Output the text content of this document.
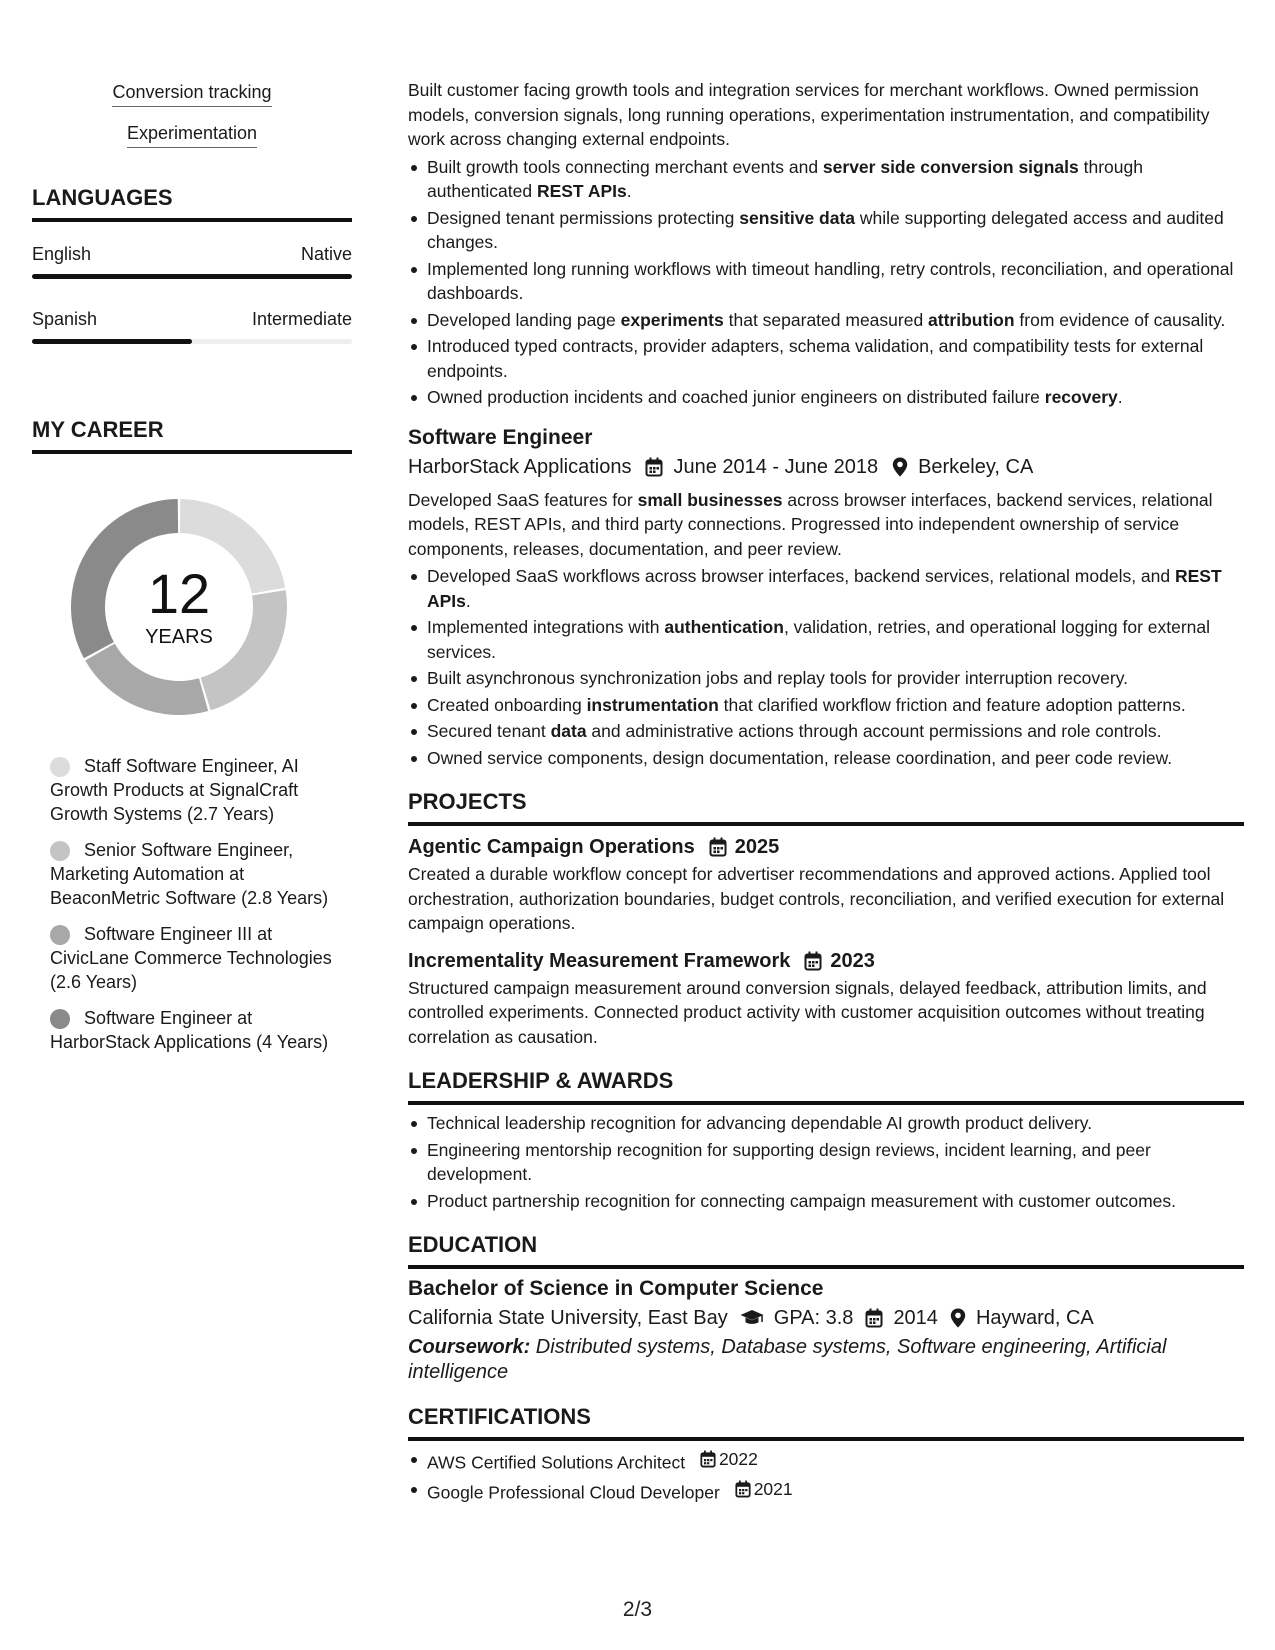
Conversion tracking
Experimentation
LANGUAGES
English	Native
Spanish	Intermediate
MY CAREER
12
YEARS
Staff Software Engineer, AI Growth Products at SignalCraft Growth Systems (2.7 Years)
Senior Software Engineer, Marketing Automation at BeaconMetric Software (2.8 Years)
Software Engineer III at CivicLane Commerce Technologies (2.6 Years)
Software Engineer at HarborStack Applications (4 Years)

Built customer facing growth tools and integration services for merchant workflows. Owned permission models, conversion signals, long running operations, experimentation instrumentation, and compatibility work across changing external endpoints.

Built growth tools connecting merchant events and server side conversion signals through authenticated REST APIs.
Designed tenant permissions protecting sensitive data while supporting delegated access and audited changes.
Implemented long running workflows with timeout handling, retry controls, reconciliation, and operational dashboards.
Developed landing page experiments that separated measured attribution from evidence of causality.
Introduced typed contracts, provider adapters, schema validation, and compatibility tests for external endpoints.
Owned production incidents and coached junior engineers on distributed failure recovery.
Software Engineer
HarborStack Applications June 2014 - June 2018 Berkeley, CA

Developed SaaS features for small businesses across browser interfaces, backend services, relational models, REST APIs, and third party connections. Progressed into independent ownership of service components, releases, documentation, and peer review.

Developed SaaS workflows across browser interfaces, backend services, relational models, and REST APIs.
Implemented integrations with authentication, validation, retries, and operational logging for external services.
Built asynchronous synchronization jobs and replay tools for provider interruption recovery.
Created onboarding instrumentation that clarified workflow friction and feature adoption patterns.
Secured tenant data and administrative actions through account permissions and role controls.
Owned service components, design documentation, release coordination, and peer code review.
PROJECTS
Agentic Campaign Operations 2025

Created a durable workflow concept for advertiser recommendations and approved actions. Applied tool orchestration, authorization boundaries, budget controls, reconciliation, and verified execution for external campaign operations.

Incrementality Measurement Framework 2023

Structured campaign measurement around conversion signals, delayed feedback, attribution limits, and controlled experiments. Connected product activity with customer acquisition outcomes without treating correlation as causation.

LEADERSHIP & AWARDS
Technical leadership recognition for advancing dependable AI growth product delivery.
Engineering mentorship recognition for supporting design reviews, incident learning, and peer development.
Product partnership recognition for connecting campaign measurement with customer outcomes.
EDUCATION
Bachelor of Science in Computer Science
California State University, East Bay GPA: 3.8 2014 Hayward, CA
Coursework: Distributed systems, Database systems, Software engineering, Artificial intelligence
CERTIFICATIONS
AWS Certified Solutions Architect 2022
Google Professional Cloud Developer 2021
2/3
